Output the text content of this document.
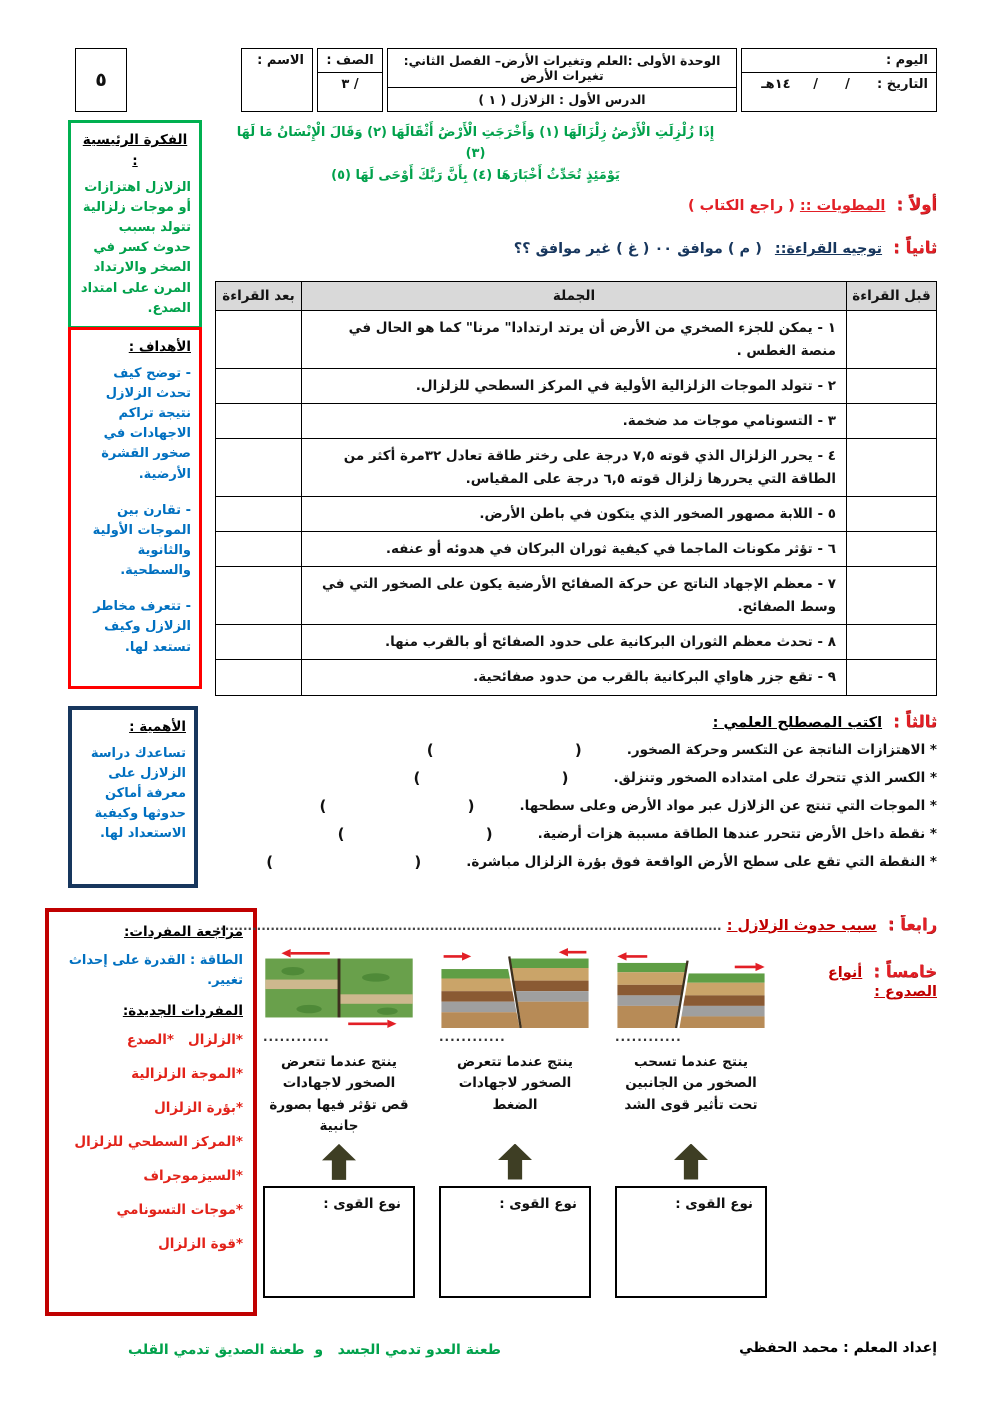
اليوم :
التاريخ :      /      /     ١٤هـ
الوحدة الأولى :العلم وتغيرات الأرض– الفصل الثاني: تغيرات الأرض
الدرس الأول : الزلازل ( ١ )
الصف :
/ ٣
الاسم :
٥
الفكرة الرئيسية :
الزلازل اهتزازات أو موجات زلزالية تتولد بسبب حدوث كسر في الصخر والارتداد المرن على امتداد الصدع.
الأهداف :
- توضح كيف تحدث الزلازل نتيجة تراكم الاجهادات في صخور القشرة الأرضية.
- تقارن بين الموجات الأولية والثانوية والسطحية.
- تتعرف مخاطر الزلازل وكيف تستعد لها.
الأهمية :
تساعدك دراسة الزلازل على معرفة أماكن حدوثها وكيفية الاستعداد لها.
مراجعة المفردات:
الطاقة : القدرة على إحداث تغيير.
المفردات الجديدة:
*الزلزال   *الصدع
*الموجة الزلزالية
*بؤرة الزلزال
*المركز السطحي للزلزال
*السيزموجراف
*موجات التسونامي
*قوة الزلزال
إِذَا زُلْزِلَتِ الْأَرْضُ زِلْزَالَهَا (١) وَأَخْرَجَتِ الْأَرْضُ أَثْقَالَهَا (٢) وَقَالَ الْإِنْسَانُ مَا لَهَا (٣)
يَوْمَئِذٍ تُحَدِّثُ أَخْبَارَهَا (٤) بِأَنَّ رَبَّكَ أَوْحَى لَهَا (٥)
أولاً : المطويات :: ( راجع الكتاب )
ثانياً : توجيه القراءة:: ( م ) موافق ٠٠ ( غ ) غير موافق ؟؟
قبل القراءة	الجملة	بعد القراءة
	١ - يمكن للجزء الصخري من الأرض أن يرتد ارتدادا" مرنا" كما هو الحال في منصة الغطس .	
	٢ - تتولد الموجات الزلزالية الأولية في المركز السطحي للزلزال.	
	٣ - التسونامي موجات مد ضخمة.	
	٤ - يحرر الزلزال الذي قوته ٧,٥ درجة على رختر طاقة تعادل ٣٢مرة أكثر من الطاقة التي يحررها زلزال قوته ٦,٥ درجة على المقياس.	
	٥ - اللابة مصهور الصخور الذي يتكون في باطن الأرض.	
	٦ - تؤثر مكونات الماجما في كيفية ثوران البركان في هدوئه أو عنفه.	
	٧ - معظم الإجهاد الناتج عن حركة الصفائح الأرضية يكون على الصخور التي في وسط الصفائح.	
	٨ - تحدث معظم الثوران البركانية على حدود الصفائح أو بالقرب منها.	
	٩ - تقع جزر هاواي البركانية بالقرب من حدود صفائحية.	
ثالثاً : اكتب المصطلح العلمي :
* الاهتزازات الناتجة عن التكسر وحركة الصخور.
(
)
* الكسر الذي تتحرك على امتداده الصخور وتنزلق.
(
)
* الموجات التي تنتج عن الزلازل عبر مواد الأرض وعلى سطحها.
(
)
* نقطة داخل الأرض تتحرر عندها الطاقة مسببة هزات أرضية.
(
)
* النقطة التي تقع على سطح الأرض الواقعة فوق بؤرة الزلزال مباشرة.
(
)
رابعاً : سبب حدوث الزلازل : ...............................................................................................................
خامساً : أنواع الصدوع :
............
ينتج عندما تسحب الصخور من الجانبين تحت تأثير قوى الشد
نوع القوى :
............
ينتج عندما تتعرض الصخور لاجهادات الضغط
نوع القوى :
............
ينتج عندما تتعرض الصخور لاجهادات قص تؤثر فيها بصورة جانبية
نوع القوى :
إعداد المعلم : محمد الحفظي
طعنة العدو تدمي الجسد   و  طعنة الصديق تدمي القلب
